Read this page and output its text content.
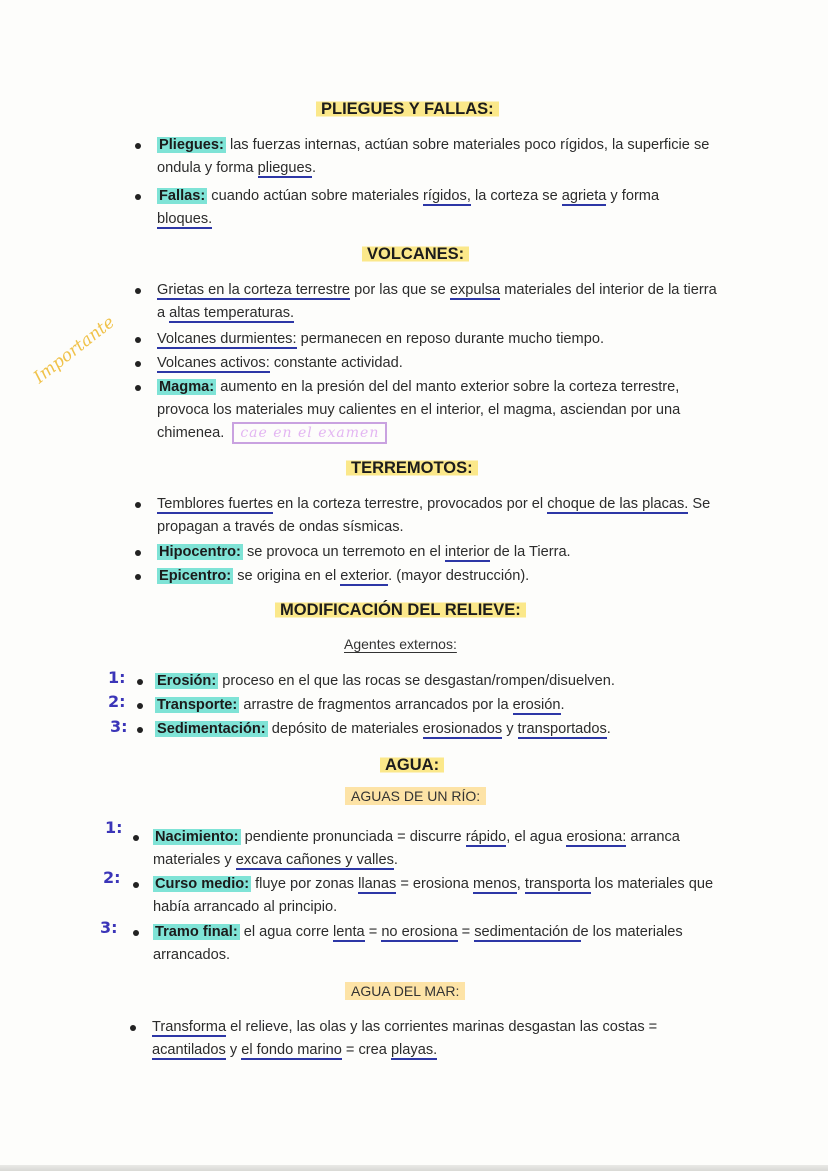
PLIEGUES Y FALLAS:
Pliegues: las fuerzas internas, actúan sobre materiales poco rígidos, la superficie se ondula y forma pliegues.
Fallas: cuando actúan sobre materiales rígidos, la corteza se agrieta y forma bloques.
VOLCANES:
Grietas en la corteza terrestre por las que se expulsa materiales del interior de la tierra a altas temperaturas.
Volcanes durmientes: permanecen en reposo durante mucho tiempo.
Volcanes activos: constante actividad.
Magma: aumento en la presión del del manto exterior sobre la corteza terrestre, provoca los materiales muy calientes en el interior, el magma, asciendan por una chimenea. cae en el examen
Importante
TERREMOTOS:
Temblores fuertes en la corteza terrestre, provocados por el choque de las placas. Se propagan a través de ondas sísmicas.
Hipocentro: se provoca un terremoto en el interior de la Tierra.
Epicentro: se origina en el exterior. (mayor destrucción).
MODIFICACIÓN DEL RELIEVE:
Agentes externos:
1: Erosión: proceso en el que las rocas se desgastan/rompen/disuelven.
2: Transporte: arrastre de fragmentos arrancados por la erosión.
3: Sedimentación: depósito de materiales erosionados y transportados.
AGUA:
AGUAS DE UN RÍO:
1: Nacimiento: pendiente pronunciada = discurre rápido, el agua erosiona: arranca materiales y excava cañones y valles.
2: Curso medio: fluye por zonas llanas = erosiona menos, transporta los materiales que había arrancado al principio.
3:	Tramo final: el agua corre lenta = no erosiona = sedimentación de los materiales arrancados.
AGUA DEL MAR:
Transforma el relieve, las olas y las corrientes marinas desgastan las costas = acantilados y el fondo marino = crea playas.
